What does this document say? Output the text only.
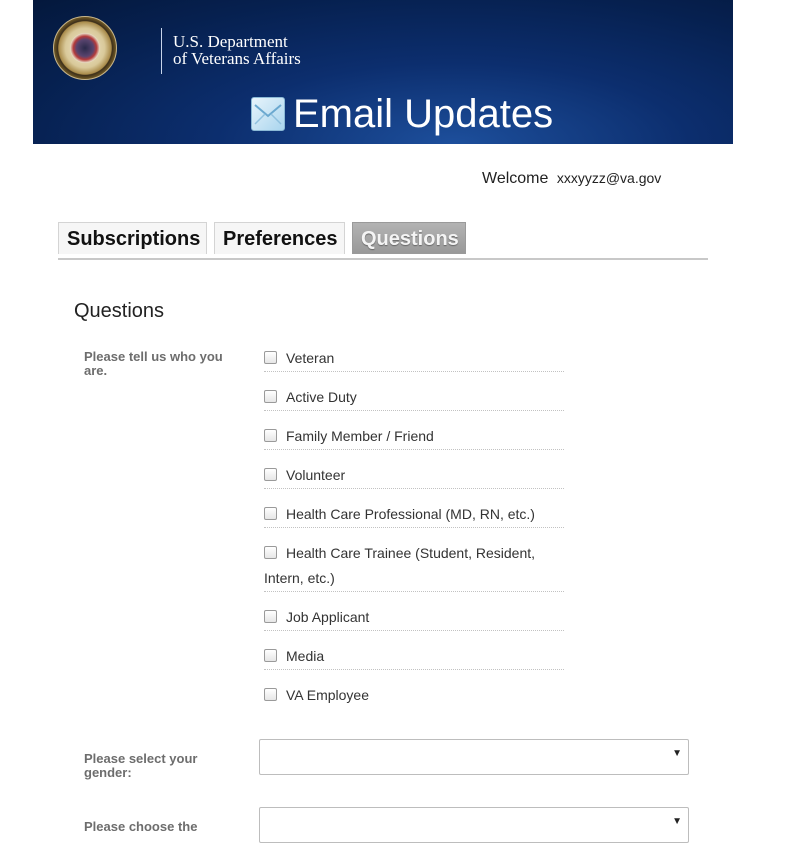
U.S. Department
of Veterans Affairs
Email Updates
Welcome xxxyyzz@va.gov
Subscriptions	Preferences	Questions
Questions
Please tell us who you are.
Veteran
Active Duty
Family Member / Friend
Volunteer
Health Care Professional (MD, RN, etc.)
Health Care Trainee (Student, Resident, Intern, etc.)
Job Applicant
Media
VA Employee
Please select your gender:
▼
Please choose the	▼
